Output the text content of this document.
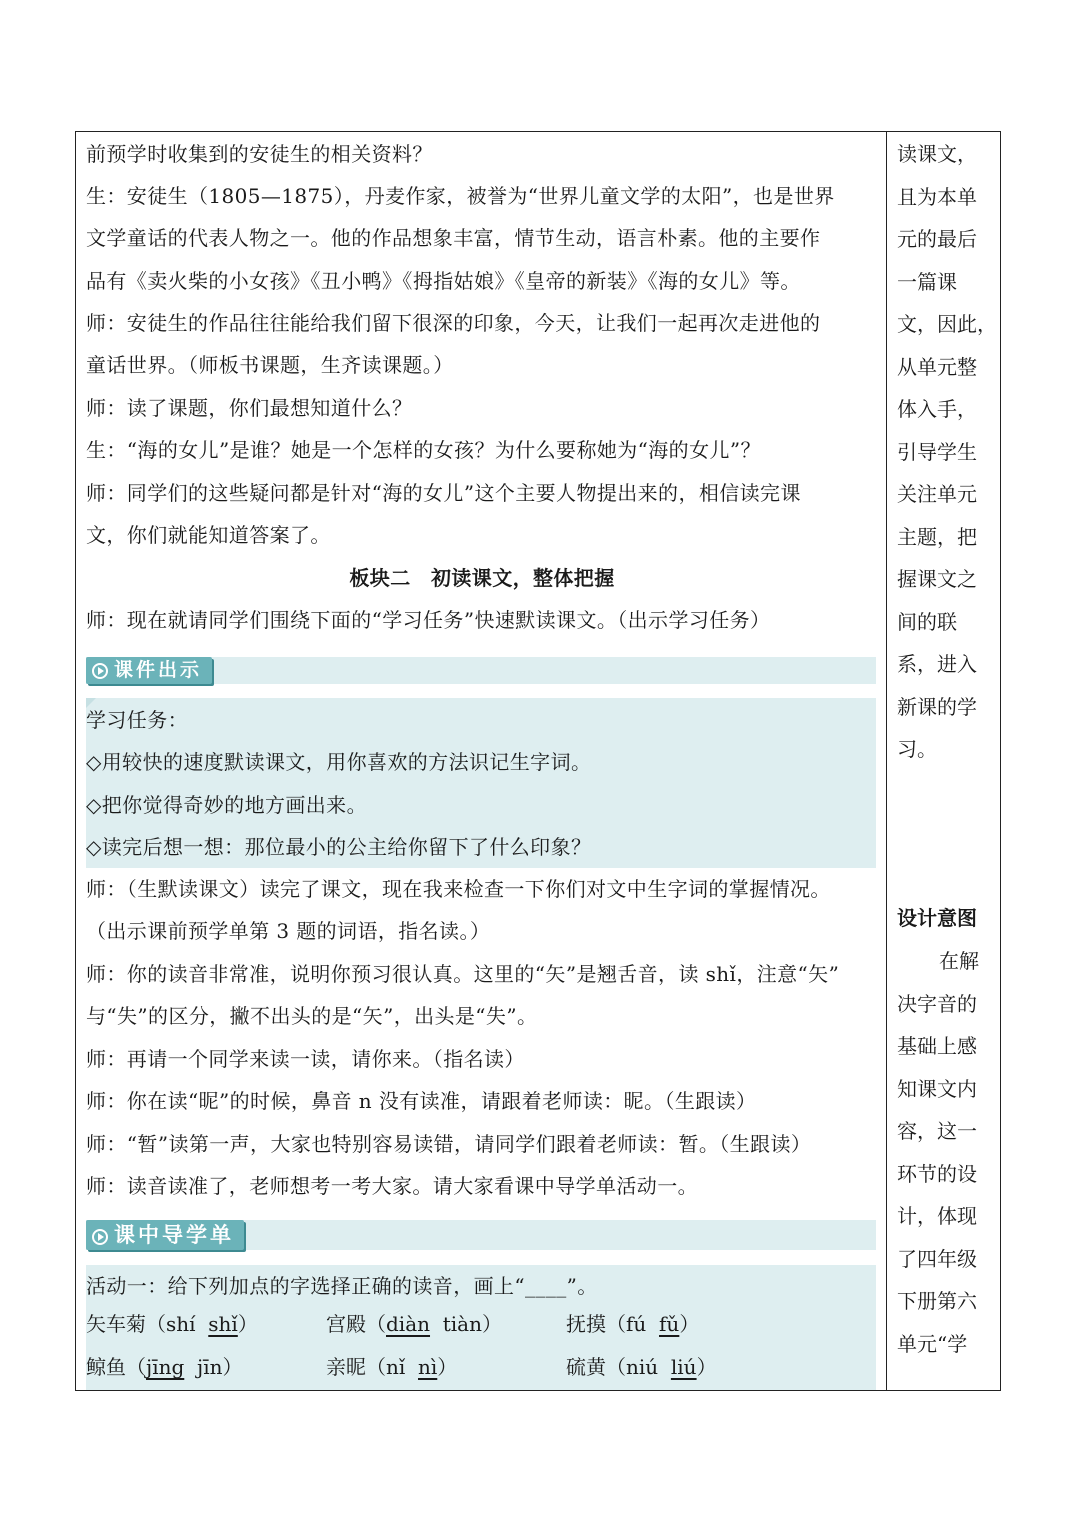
前预学时收集到的安徒生的相关资料？
生：安徒生（1805—1875），丹麦作家，被誉为“世界儿童文学的太阳”，也是世界
文学童话的代表人物之一。他的作品想象丰富，情节生动，语言朴素。他的主要作
品有《卖火柴的小女孩》《丑小鸭》《拇指姑娘》《皇帝的新装》《海的女儿》等。
师：安徒生的作品往往能给我们留下很深的印象，今天，让我们一起再次走进他的
童话世界。（师板书课题，生齐读课题。）
师：读了课题，你们最想知道什么？
生：“海的女儿”是谁？她是一个怎样的女孩？为什么要称她为“海的女儿”？
师：同学们的这些疑问都是针对“海的女儿”这个主要人物提出来的，相信读完课
文，你们就能知道答案了。
板块二　初读课文，整体把握
师：现在就请同学们围绕下面的“学习任务”快速默读课文。（出示学习任务）
课件出示
学习任务：
◇用较快的速度默读课文，用你喜欢的方法识记生字词。
◇把你觉得奇妙的地方画出来。
◇读完后想一想：那位最小的公主给你留下了什么印象？
师：（生默读课文）读完了课文，现在我来检查一下你们对文中生字词的掌握情况。
（出示课前预学单第 3 题的词语，指名读。）
师：你的读音非常准，说明你预习很认真。这里的“矢”是翘舌音，读 shǐ，注意“矢”
与“失”的区分，撇不出头的是“矢”，出头是“失”。
师：再请一个同学来读一读，请你来。（指名读）
师：你在读“昵”的时候，鼻音 n 没有读准，请跟着老师读：昵。（生跟读）
师：“暂”读第一声，大家也特别容易读错，请同学们跟着老师读：暂。（生跟读）
师：读音读准了，老师想考一考大家。请大家看课中导学单活动一。
课中导学单
活动一：给下列加点的字选择正确的读音，画上“____”。
矢车菊（shí shǐ）	宫殿（diàn tiàn）	抚摸（fú fǔ）
鲸鱼（jīng jīn）	亲昵（nǐ nì）	硫黄（niú liú）
读课文，
且为本单
元的最后
一篇课
文，因此，
从单元整
体入手，
引导学生
关注单元
主题，把
握课文之
间的联
系，进入
新课的学
习。
设计意图
在解
决字音的
基础上感
知课文内
容，这一
环节的设
计，体现
了四年级
下册第六
单元“学
